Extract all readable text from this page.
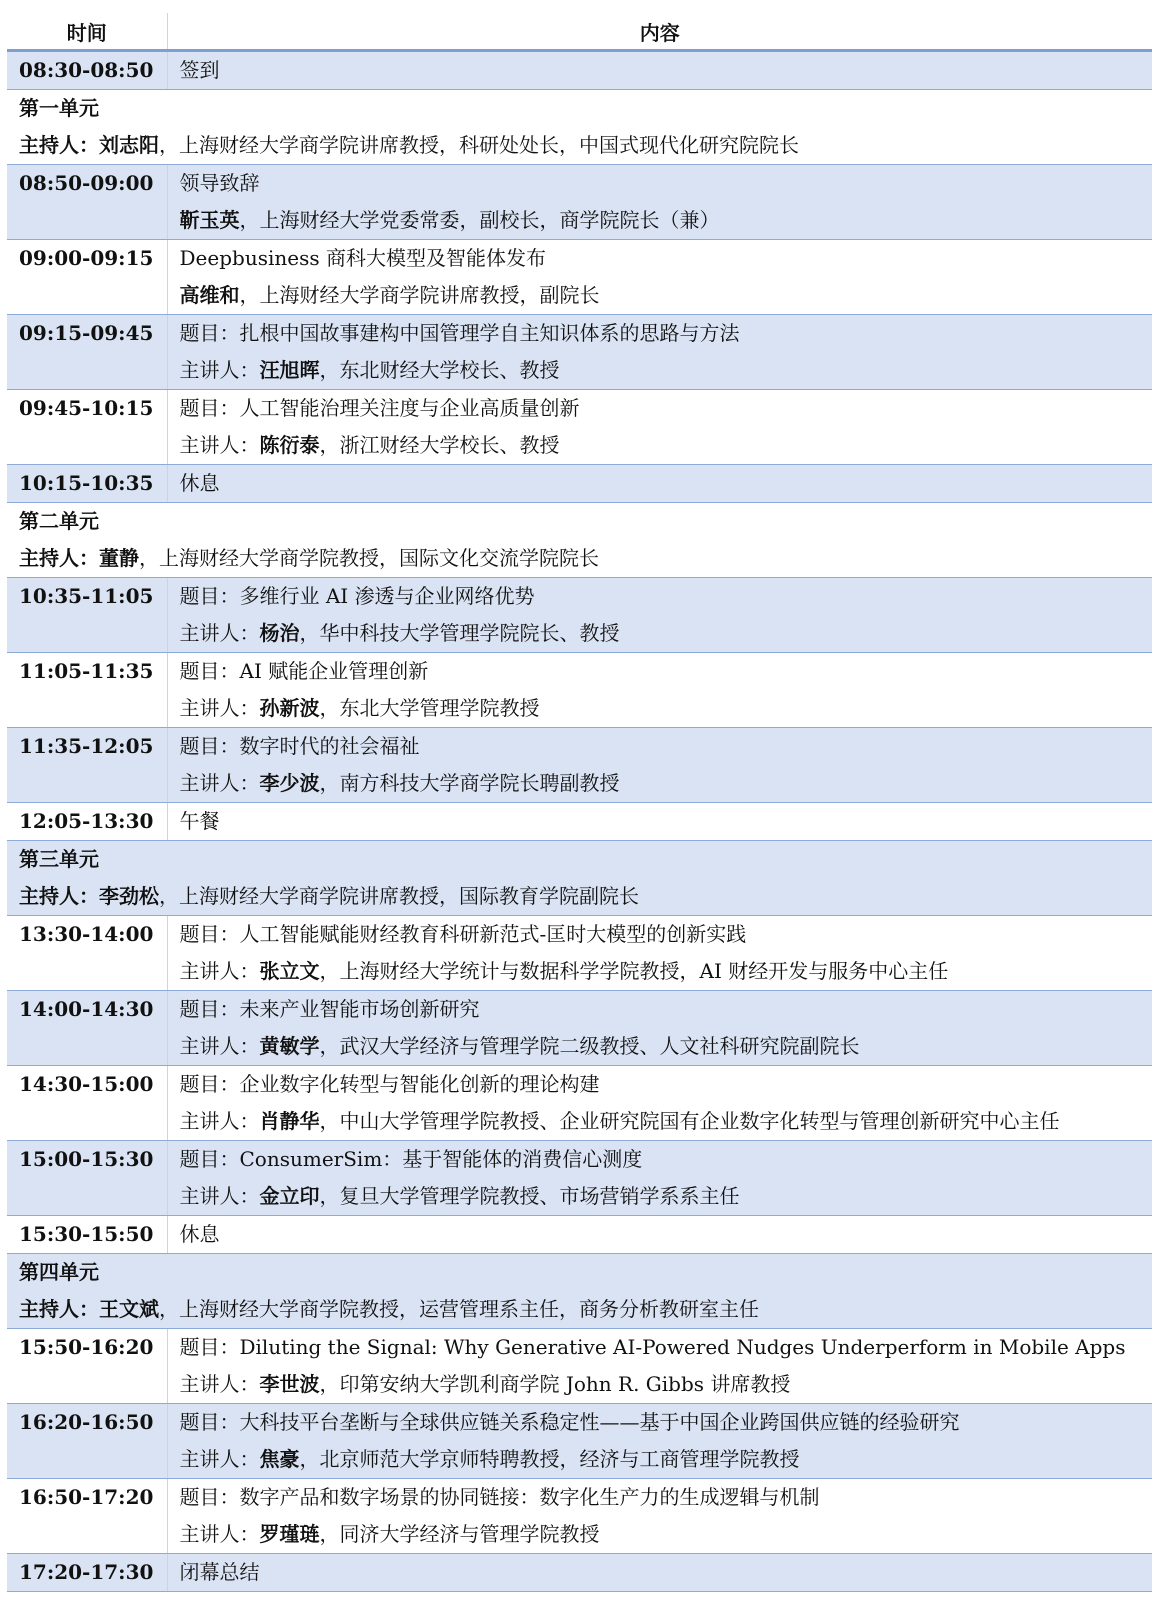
时间	内容

08:30-08:50	签到

第一单元
主持人：刘志阳，上海财经大学商学院讲席教授，科研处处长，中国式现代化研究院院长	

08:50-09:00	领导致辞
靳玉英，上海财经大学党委常委，副校长，商学院院长（兼）

09:00-09:15	Deepbusiness 商科大模型及智能体发布
高维和，上海财经大学商学院讲席教授，副院长

09:15-09:45	题目：扎根中国故事建构中国管理学自主知识体系的思路与方法
主讲人：汪旭晖，东北财经大学校长、教授

09:45-10:15	题目：人工智能治理关注度与企业高质量创新
主讲人：陈衍泰，浙江财经大学校长、教授

10:15-10:35	休息

第二单元
主持人：董静，上海财经大学商学院教授，国际文化交流学院院长	

10:35-11:05	题目：多维行业 AI 渗透与企业网络优势
主讲人：杨治，华中科技大学管理学院院长、教授

11:05-11:35	题目：AI 赋能企业管理创新
主讲人：孙新波，东北大学管理学院教授

11:35-12:05	题目：数字时代的社会福祉
主讲人：李少波，南方科技大学商学院长聘副教授

12:05-13:30	午餐

第三单元
主持人：李劲松，上海财经大学商学院讲席教授，国际教育学院副院长	

13:30-14:00	题目：人工智能赋能财经教育科研新范式-匡时大模型的创新实践
主讲人：张立文，上海财经大学统计与数据科学学院教授，AI 财经开发与服务中心主任

14:00-14:30	题目：未来产业智能市场创新研究
主讲人：黄敏学，武汉大学经济与管理学院二级教授、人文社科研究院副院长

14:30-15:00	题目：企业数字化转型与智能化创新的理论构建
主讲人：肖静华，中山大学管理学院教授、企业研究院国有企业数字化转型与管理创新研究中心主任

15:00-15:30	题目：ConsumerSim：基于智能体的消费信心测度
主讲人：金立印，复旦大学管理学院教授、市场营销学系系主任

15:30-15:50	休息

第四单元
主持人：王文斌，上海财经大学商学院教授，运营管理系主任，商务分析教研室主任	

15:50-16:20	题目：Diluting the Signal: Why Generative AI-Powered Nudges Underperform in Mobile Apps
主讲人：李世波，印第安纳大学凯利商学院 John R. Gibbs 讲席教授

16:20-16:50	题目：大科技平台垄断与全球供应链关系稳定性——基于中国企业跨国供应链的经验研究
主讲人：焦豪，北京师范大学京师特聘教授，经济与工商管理学院教授

16:50-17:20	题目：数字产品和数字场景的协同链接：数字化生产力的生成逻辑与机制
主讲人：罗瑾琏，同济大学经济与管理学院教授

17:20-17:30	闭幕总结
